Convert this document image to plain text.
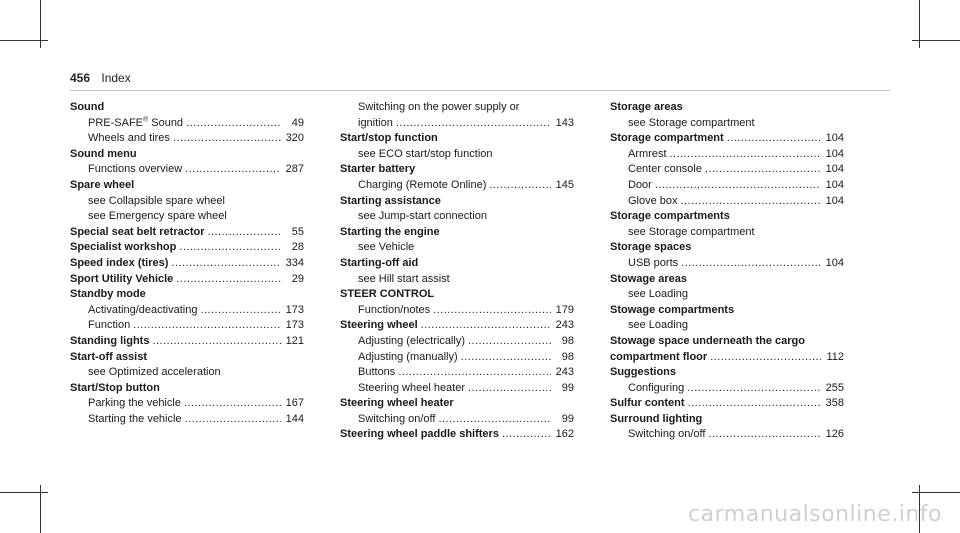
456 Index
Sound
PRE-SAFE® Sound . . .	49
Wheels and tires . . .	320
Sound menu
Functions overview . . .	287
Spare wheel
see Collapsible spare wheel
see Emergency spare wheel
Special seat belt retractor . . .	55
Specialist workshop . . .	28
Speed index (tires) . . .	334
Sport Utility Vehicle . . .	29
Standby mode
Activating/deactivating . . .	173
Function . . .	173
Standing lights . . .	121
Start-off assist
see Optimized acceleration
Start/Stop button
Parking the vehicle . . .	167
Starting the vehicle . . .	144
Switching on the power supply or
ignition . . .	143
Start/stop function
see ECO start/stop function
Starter battery
Charging (Remote Online) . . .	145
Starting assistance
see Jump-start connection
Starting the engine
see Vehicle
Starting-off aid
see Hill start assist
STEER CONTROL
Function/notes . . .	179
Steering wheel . . .	243
Adjusting (electrically) . . .	98
Adjusting (manually) . . .	98
Buttons . . .	243
Steering wheel heater . . .	99
Steering wheel heater
Switching on/off . . .	99
Steering wheel paddle shifters . . .	162
Storage areas
see Storage compartment
Storage compartment . . .	104
Armrest . . .	104
Center console . . .	104
Door . . .	104
Glove box . . .	104
Storage compartments
see Storage compartment
Storage spaces
USB ports . . .	104
Stowage areas
see Loading
Stowage compartments
see Loading
Stowage space underneath the cargo
compartment floor . . .	112
Suggestions
Configuring . . .	255
Sulfur content . . .	358
Surround lighting
Switching on/off . . .	126
carmanualsonline.info
